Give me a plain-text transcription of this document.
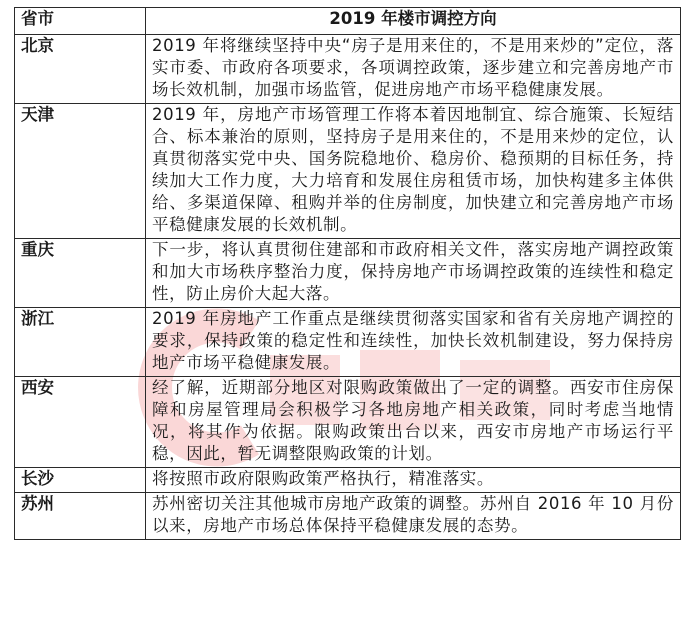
省市	2019 年楼市调控方向
北京	2019 年将继续坚持中央“房子是用来住的，不是用来炒的”定位，落实市委、市政府各项要求，各项调控政策，逐步建立和完善房地产市场长效机制，加强市场监管，促进房地产市场平稳健康发展。
天津	2019 年，房地产市场管理工作将本着因地制宜、综合施策、长短结合、标本兼治的原则，坚持房子是用来住的，不是用来炒的定位，认真贯彻落实党中央、国务院稳地价、稳房价、稳预期的目标任务，持续加大工作力度，大力培育和发展住房租赁市场，加快构建多主体供给、多渠道保障、租购并举的住房制度，加快建立和完善房地产市场平稳健康发展的长效机制。
重庆	下一步，将认真贯彻住建部和市政府相关文件，落实房地产调控政策和加大市场秩序整治力度，保持房地产市场调控政策的连续性和稳定性，防止房价大起大落。
浙江	2019 年房地产工作重点是继续贯彻落实国家和省有关房地产调控的要求，保持政策的稳定性和连续性，加快长效机制建设，努力保持房地产市场平稳健康发展。
西安	经了解，近期部分地区对限购政策做出了一定的调整。西安市住房保障和房屋管理局会积极学习各地房地产相关政策，同时考虑当地情况，将其作为依据。限购政策出台以来，西安市房地产市场运行平稳，因此，暂无调整限购政策的计划。
长沙	将按照市政府限购政策严格执行，精准落实。
苏州	苏州密切关注其他城市房地产政策的调整。苏州自 2016 年 10 月份以来，房地产市场总体保持平稳健康发展的态势。
